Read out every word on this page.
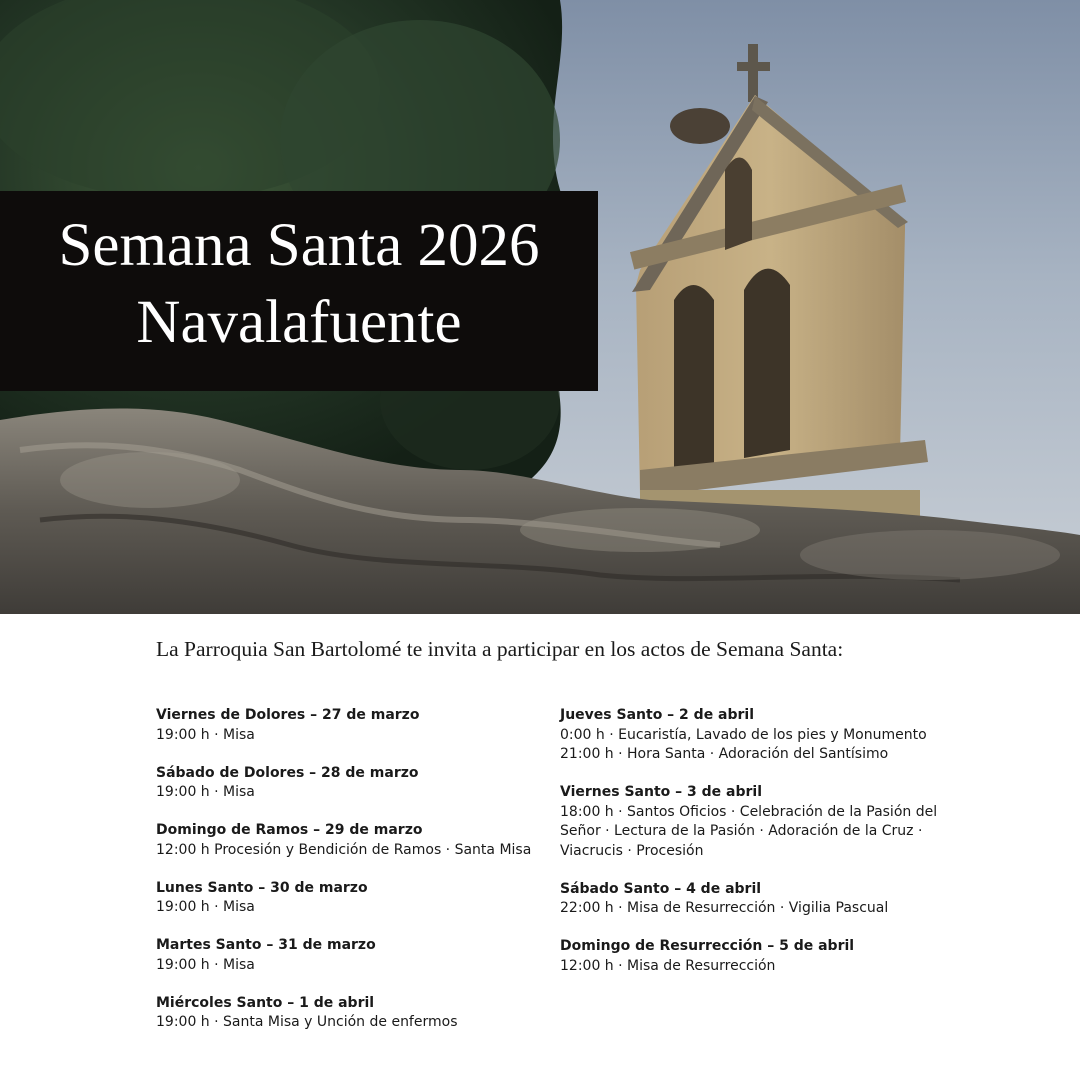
Semana Santa 2026
Navalafuente
La Parroquia San Bartolomé te invita a participar en los actos de Semana Santa:
Viernes de Dolores – 27 de marzo
19:00 h · Misa
Sábado de Dolores – 28 de marzo
19:00 h · Misa
Domingo de Ramos – 29 de marzo
12:00 h Procesión y Bendición de Ramos · Santa Misa
Lunes Santo – 30 de marzo
19:00 h · Misa
Martes Santo – 31 de marzo
19:00 h · Misa
Miércoles Santo – 1 de abril
19:00 h · Santa Misa y Unción de enfermos
Jueves Santo – 2 de abril
0:00 h · Eucaristía, Lavado de los pies y Monumento
21:00 h · Hora Santa · Adoración del Santísimo
Viernes Santo – 3 de abril
18:00 h · Santos Oficios · Celebración de la Pasión del
Señor · Lectura de la Pasión · Adoración de la Cruz ·
Viacrucis · Procesión
Sábado Santo – 4 de abril
22:00 h · Misa de Resurrección · Vigilia Pascual
Domingo de Resurrección – 5 de abril
12:00 h · Misa de Resurrección
